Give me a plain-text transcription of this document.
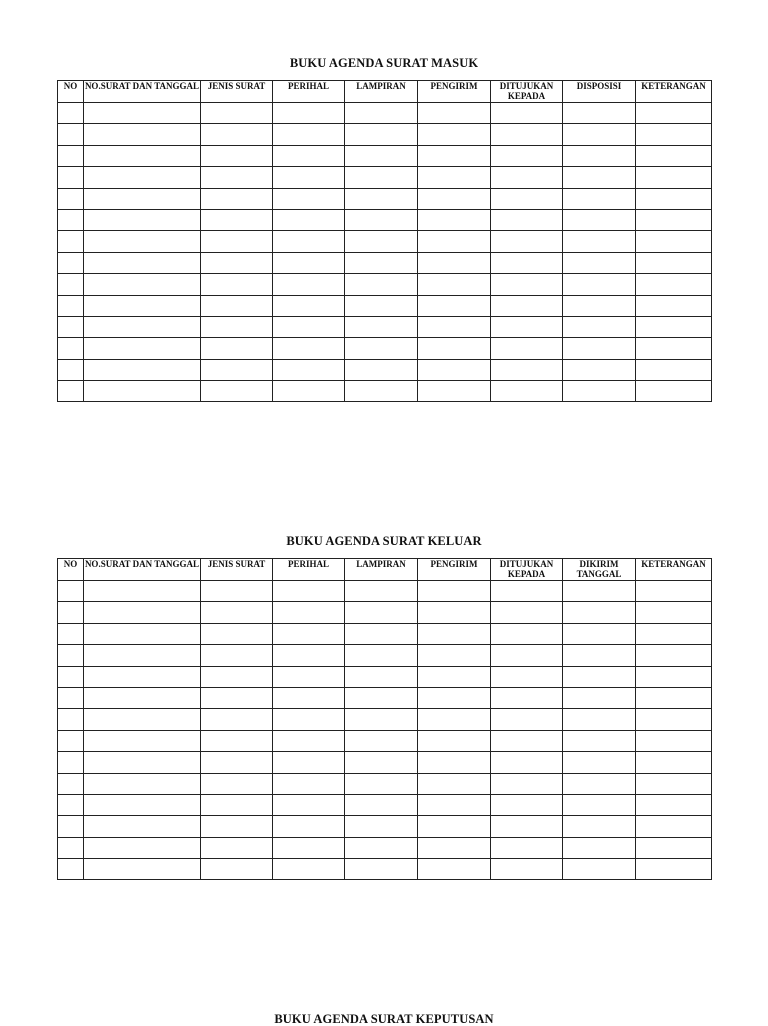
BUKU AGENDA SURAT MASUK
NO	NO.SURAT DAN TANGGAL	JENIS SURAT	PERIHAL	LAMPIRAN	PENGIRIM	DITUJUKAN KEPADA	DISPOSISI	KETERANGAN

BUKU AGENDA SURAT KELUAR
NO	NO.SURAT DAN TANGGAL	JENIS SURAT	PERIHAL	LAMPIRAN	PENGIRIM	DITUJUKAN KEPADA	DIKIRIM TANGGAL	KETERANGAN

BUKU AGENDA SURAT KEPUTUSAN
